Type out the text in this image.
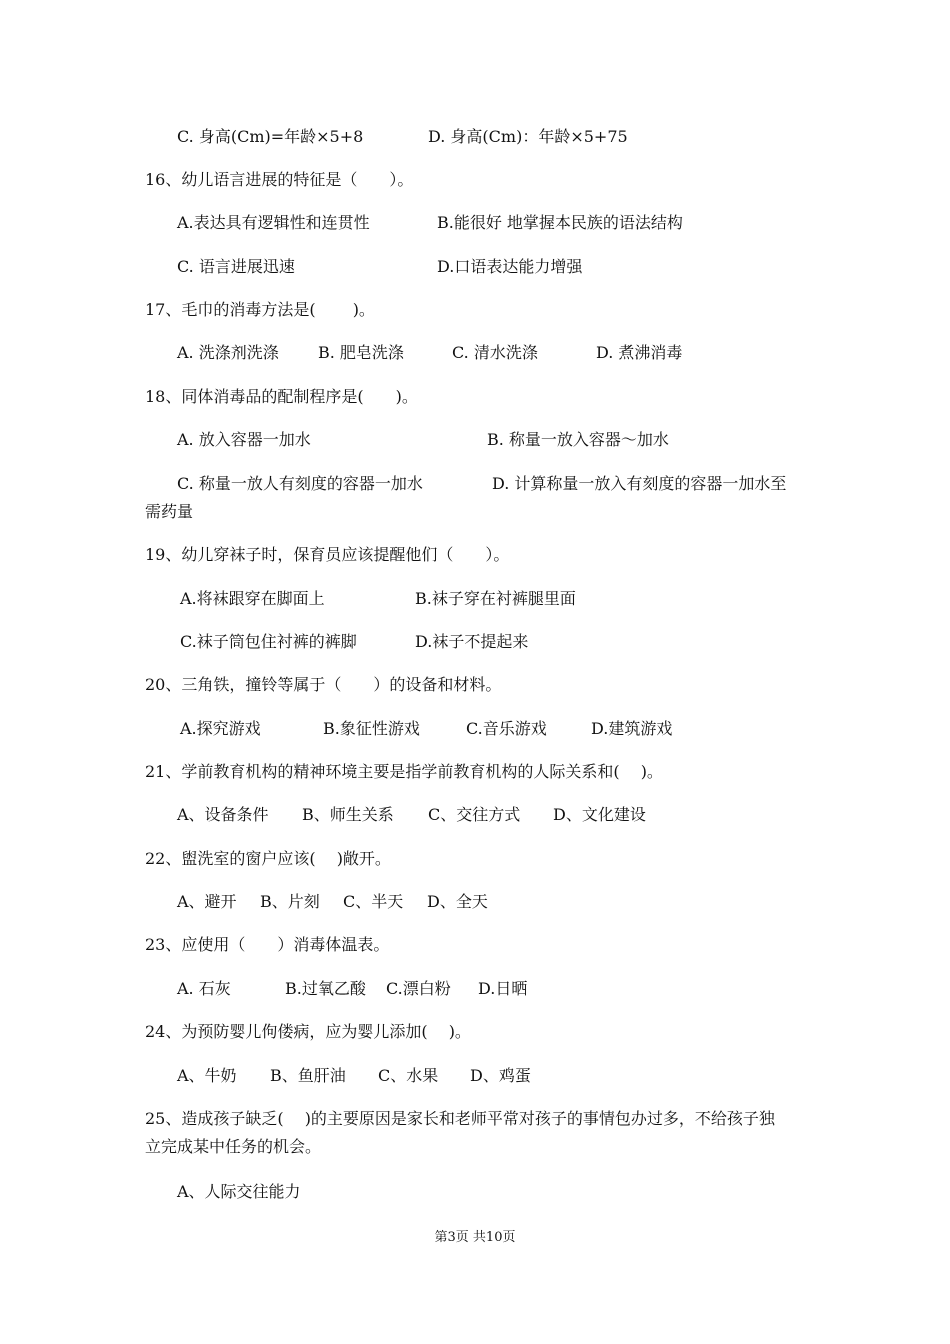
C. 身高(Cm)=年龄×5+8	D. 身高(Cm)：年龄×5+75
16、幼儿语言进展的特征是（　　）。
A.表达具有逻辑性和连贯性	B.能很好 地掌握本民族的语法结构
C. 语言进展迅速	D.口语表达能力增强
17、毛巾的消毒方法是(　　 )。
A. 洗涤剂洗涤 B. 肥皂洗涤	C. 清水洗涤	D. 煮沸消毒
18、同体消毒品的配制程序是(　　)。
A. 放入容器一加水	B. 称量一放入容器～加水
C. 称量一放人有刻度的容器一加水	D. 计算称量一放入有刻度的容器一加水至
需药量
19、幼儿穿袜子时，保育员应该提醒他们（　　）。
A.将袜跟穿在脚面上	B.袜子穿在衬裤腿里面
C.袜子筒包住衬裤的裤脚	D.袜子不提起来
20、三角铁，撞铃等属于（　　）的设备和材料。
A.探究游戏	B.象征性游戏	C.音乐游戏	D.建筑游戏
21、学前教育机构的精神环境主要是指学前教育机构的人际关系和(　 )。
A、设备条件 B、师生关系 C、交往方式 D、文化建设
22、盥洗室的窗户应该(　 )敞开。
A、避开 B、片刻 C、半天 D、全天
23、应使用（　　）消毒体温表。
A. 石灰	B.过氧乙酸 C.漂白粉 D.日晒
24、为预防婴儿佝偻病，应为婴儿添加(　 )。
A、牛奶 B、鱼肝油 C、水果 D、鸡蛋
25、造成孩子缺乏(　 )的主要原因是家长和老师平常对孩子的事情包办过多，不给孩子独
立完成某中任务的机会。
A、人际交往能力
第3页 共10页
